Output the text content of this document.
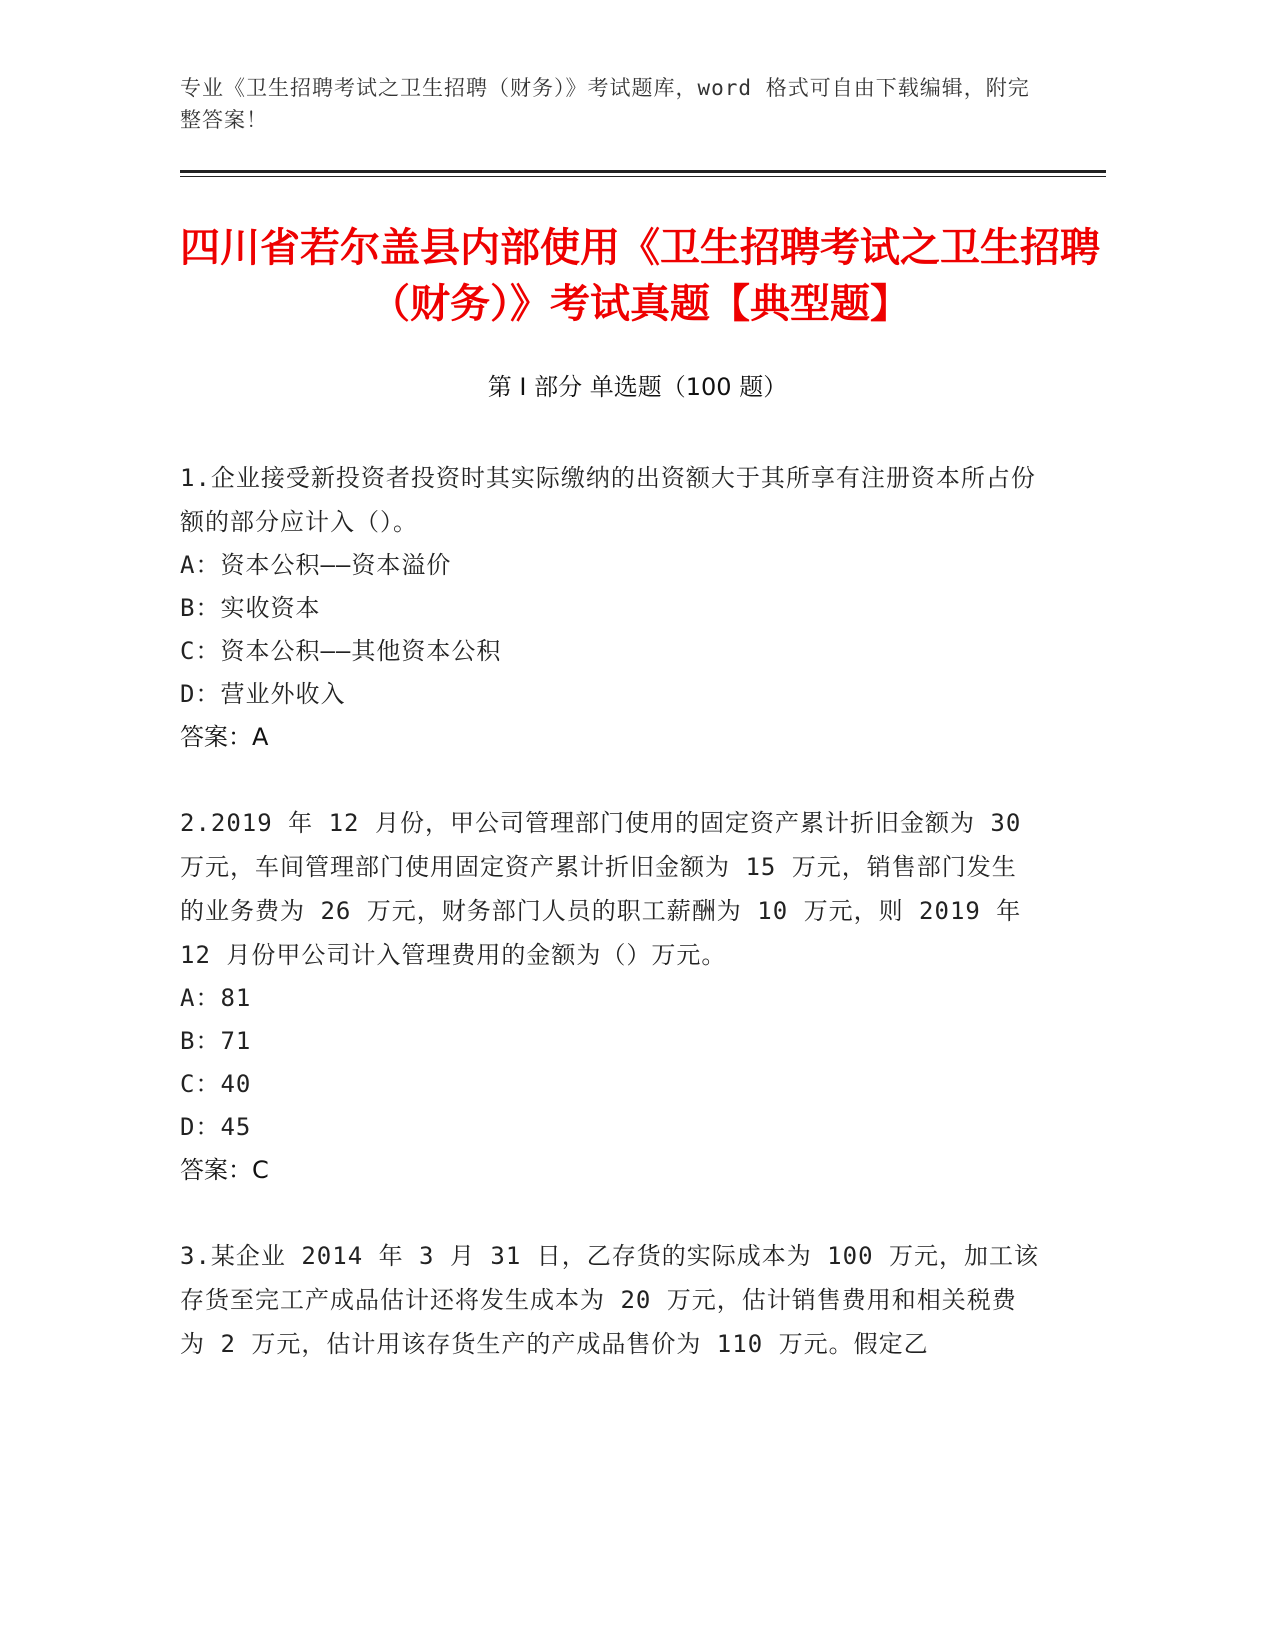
专业《卫生招聘考试之卫生招聘（财务）》考试题库，word 格式可自由下载编辑，附完整答案！
四川省若尔盖县内部使用《卫生招聘考试之卫生招聘（财务）》考试真题【典型题】
第 I 部分 单选题（100 题）
1.企业接受新投资者投资时其实际缴纳的出资额大于其所享有注册资本所占份额的部分应计入（）。
A：资本公积——资本溢价
B：实收资本
C：资本公积——其他资本公积
D：营业外收入
答案：A
2.2019 年 12 月份，甲公司管理部门使用的固定资产累计折旧金额为 30 万元，车间管理部门使用固定资产累计折旧金额为 15 万元，销售部门发生的业务费为 26 万元，财务部门人员的职工薪酬为 10 万元，则 2019 年 12 月份甲公司计入管理费用的金额为（）万元。
A：81
B：71
C：40
D：45
答案：C
3.某企业 2014 年 3 月 31 日，乙存货的实际成本为 100 万元，加工该存货至完工产成品估计还将发生成本为 20 万元，估计销售费用和相关税费为 2 万元，估计用该存货生产的产成品售价为 110 万元。假定乙
